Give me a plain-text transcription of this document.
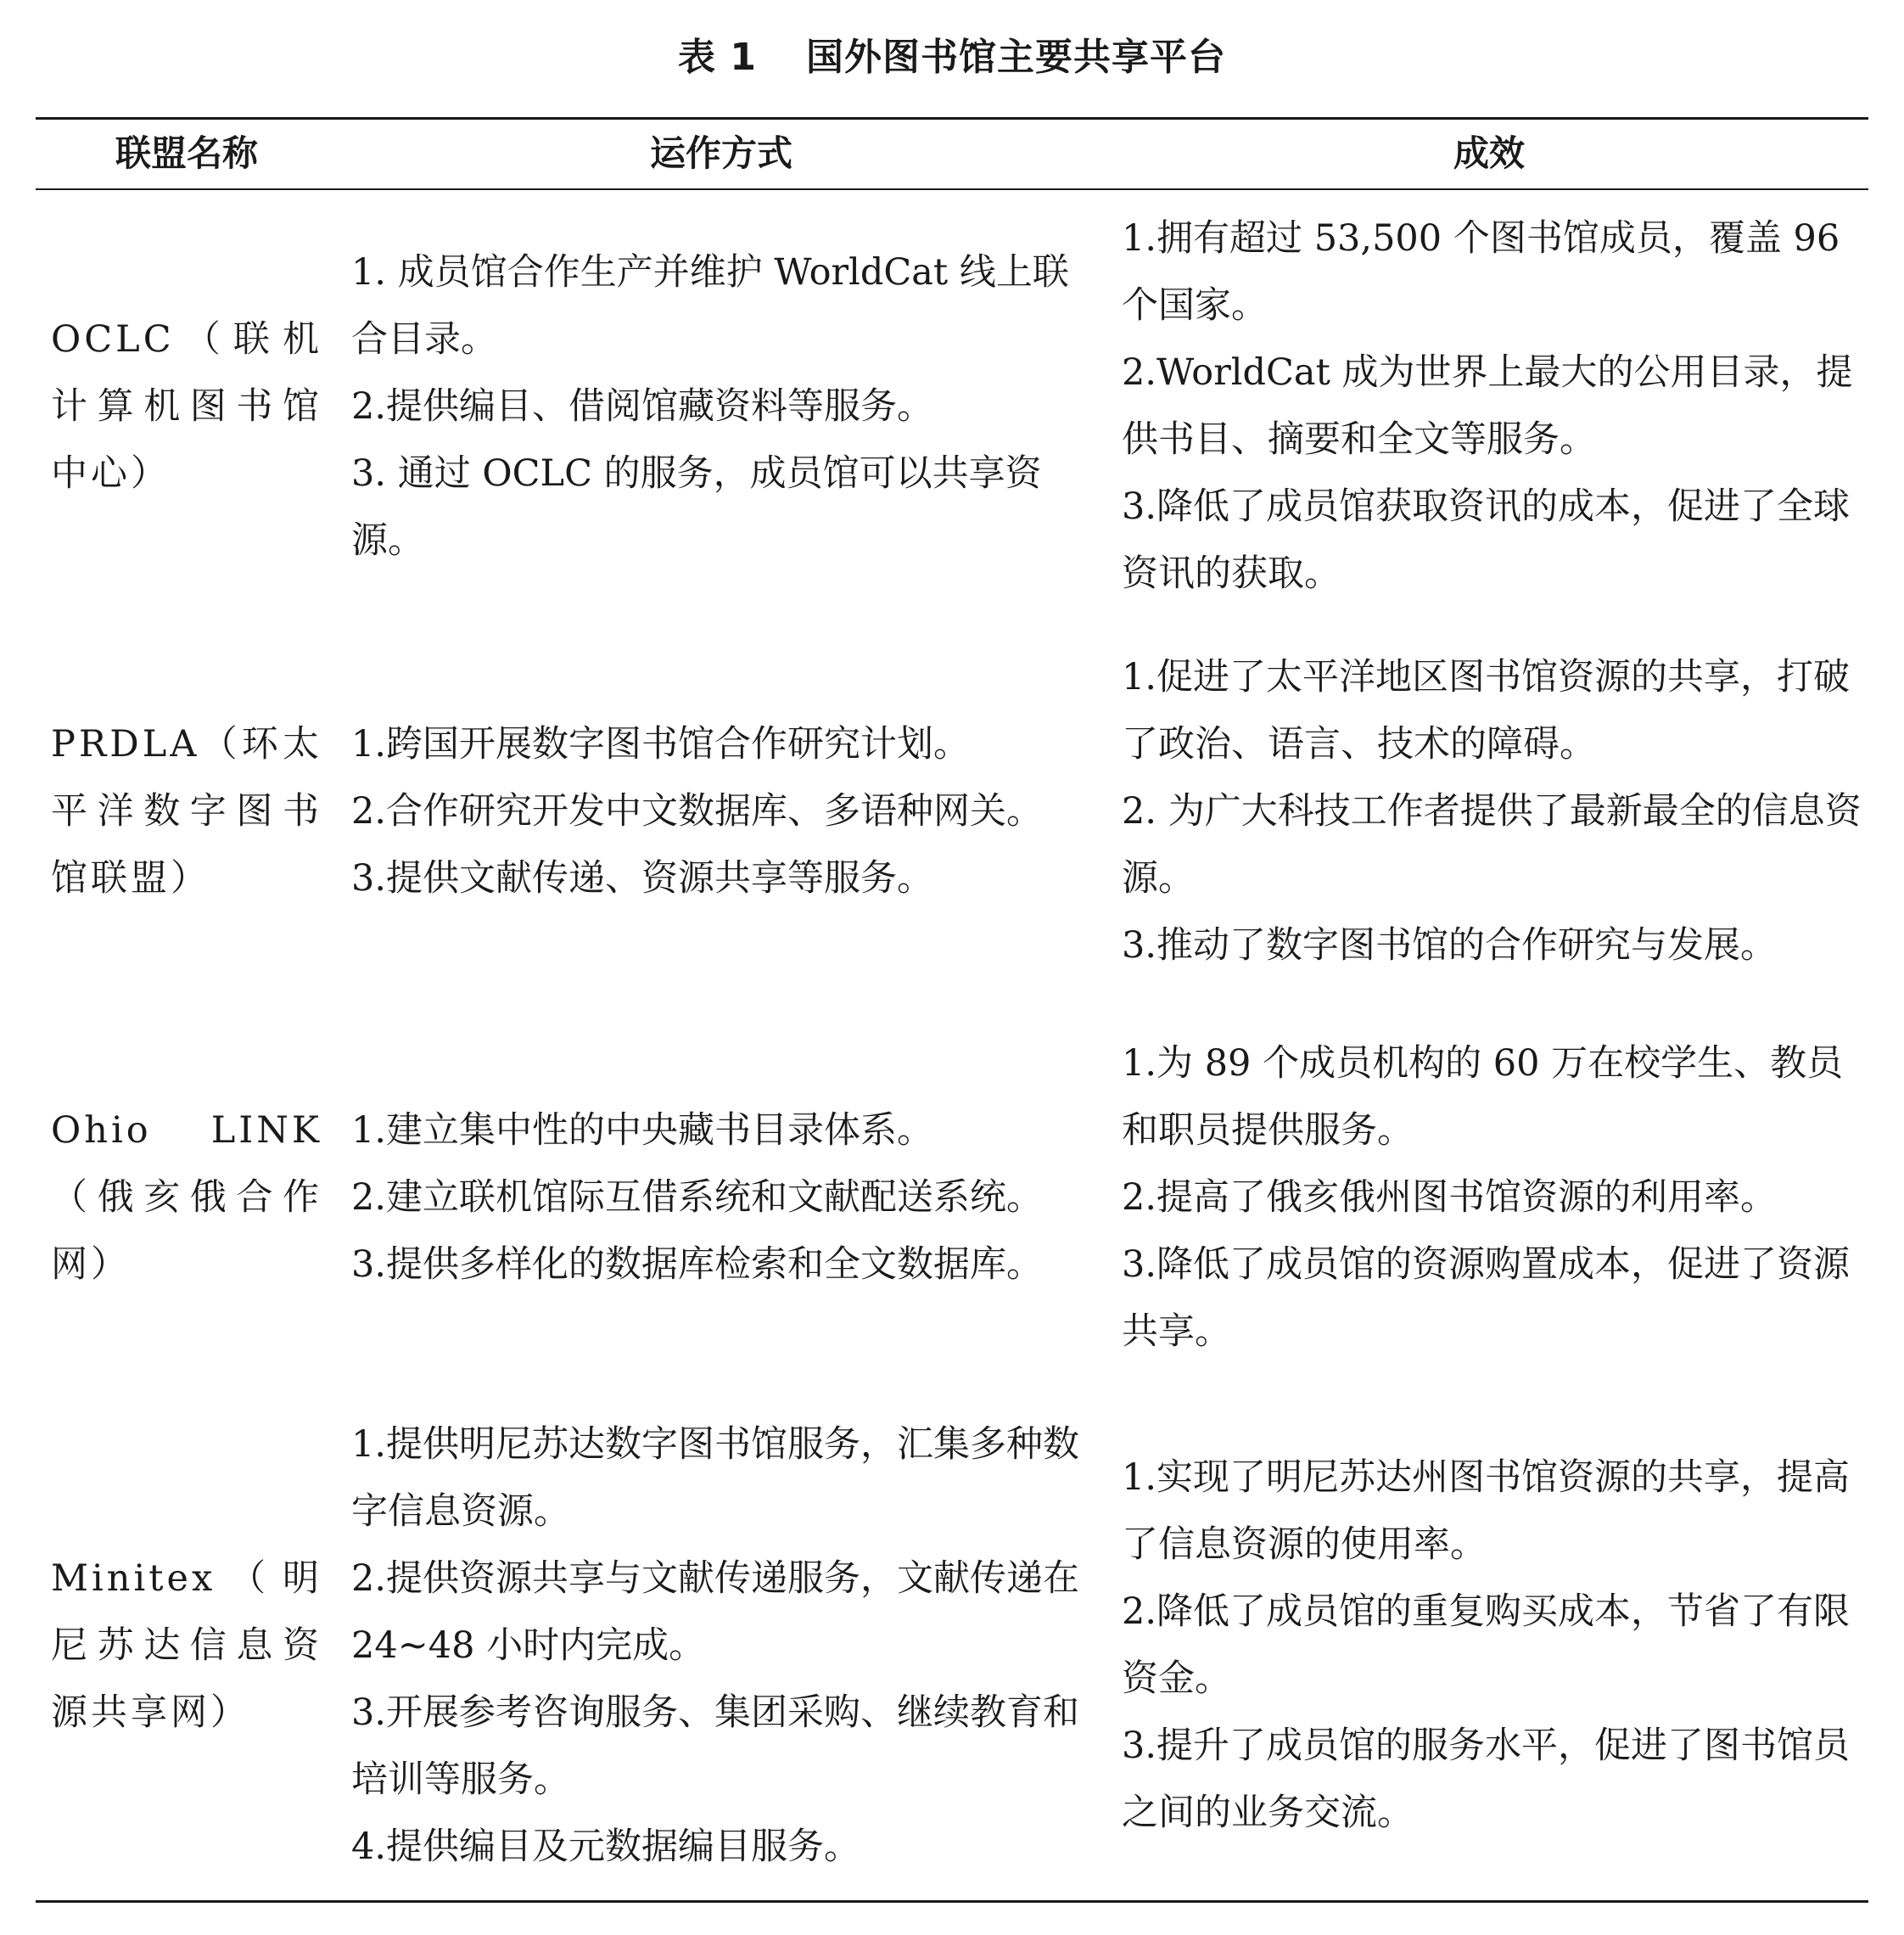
表 1 国外图书馆主要共享平台
联盟名称	运作方式	成效
OCLC（联机计算机图书馆中心）
1. 成员馆合作生产并维护 WorldCat 线上联合目录。
2.提供编目、借阅馆藏资料等服务。
3. 通过 OCLC 的服务，成员馆可以共享资源。
1.拥有超过 53,500 个图书馆成员，覆盖 96 个国家。
2.WorldCat 成为世界上最大的公用目录，提供书目、摘要和全文等服务。
3.降低了成员馆获取资讯的成本，促进了全球资讯的获取。
PRDLA（环太平洋数字图书馆联盟）
1.跨国开展数字图书馆合作研究计划。
2.合作研究开发中文数据库、多语种网关。
3.提供文献传递、资源共享等服务。
1.促进了太平洋地区图书馆资源的共享，打破了政治、语言、技术的障碍。
2. 为广大科技工作者提供了最新最全的信息资源。
3.推动了数字图书馆的合作研究与发展。
Ohio LINK（俄亥俄合作网）
1.建立集中性的中央藏书目录体系。
2.建立联机馆际互借系统和文献配送系统。
3.提供多样化的数据库检索和全文数据库。
1.为 89 个成员机构的 60 万在校学生、教员和职员提供服务。
2.提高了俄亥俄州图书馆资源的利用率。
3.降低了成员馆的资源购置成本，促进了资源共享。
Minitex（明尼苏达信息资源共享网）
1.提供明尼苏达数字图书馆服务，汇集多种数字信息资源。
2.提供资源共享与文献传递服务，文献传递在 24~48 小时内完成。
3.开展参考咨询服务、集团采购、继续教育和培训等服务。
4.提供编目及元数据编目服务。
1.实现了明尼苏达州图书馆资源的共享，提高了信息资源的使用率。
2.降低了成员馆的重复购买成本，节省了有限资金。
3.提升了成员馆的服务水平，促进了图书馆员之间的业务交流。
